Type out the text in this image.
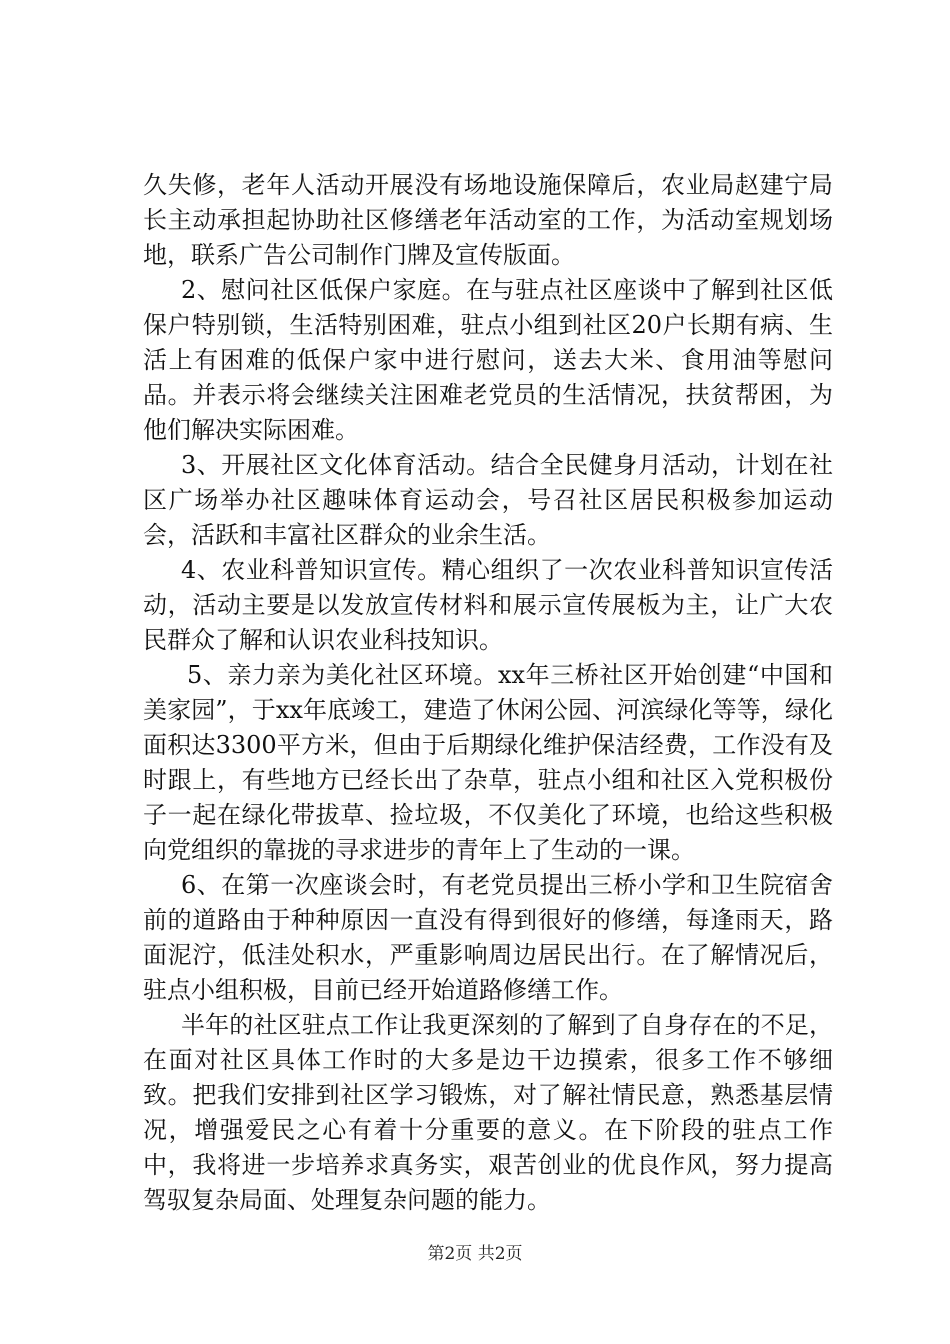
久失修，老年人活动开展没有场地设施保障后，农业局赵建宁局长主动承担起协助社区修缮老年活动室的工作，为活动室规划场地，联系广告公司制作门牌及宣传版面。

2、慰问社区低保户家庭。在与驻点社区座谈中了解到社区低保户特别锁，生活特别困难，驻点小组到社区20户长期有病、生活上有困难的低保户家中进行慰问，送去大米、食用油等慰问品。并表示将会继续关注困难老党员的生活情况，扶贫帮困，为他们解决实际困难。

3、开展社区文化体育活动。结合全民健身月活动，计划在社区广场举办社区趣味体育运动会，号召社区居民积极参加运动会，活跃和丰富社区群众的业余生活。

4、农业科普知识宣传。精心组织了一次农业科普知识宣传活动，活动主要是以发放宣传材料和展示宣传展板为主，让广大农民群众了解和认识农业科技知识。

5、亲力亲为美化社区环境。xx年三桥社区开始创建“中国和美家园”，于xx年底竣工，建造了休闲公园、河滨绿化等等，绿化面积达3300平方米，但由于后期绿化维护保洁经费，工作没有及时跟上，有些地方已经长出了杂草，驻点小组和社区入党积极份子一起在绿化带拔草、捡垃圾，不仅美化了环境，也给这些积极向党组织的靠拢的寻求进步的青年上了生动的一课。

6、在第一次座谈会时，有老党员提出三桥小学和卫生院宿舍前的道路由于种种原因一直没有得到很好的修缮，每逢雨天，路面泥泞，低洼处积水，严重影响周边居民出行。在了解情况后，驻点小组积极，目前已经开始道路修缮工作。

半年的社区驻点工作让我更深刻的了解到了自身存在的不足，在面对社区具体工作时的大多是边干边摸索，很多工作不够细致。把我们安排到社区学习锻炼，对了解社情民意，熟悉基层情况，增强爱民之心有着十分重要的意义。在下阶段的驻点工作中，我将进一步培养求真务实，艰苦创业的优良作风，努力提高驾驭复杂局面、处理复杂问题的能力。

第2页 共2页
